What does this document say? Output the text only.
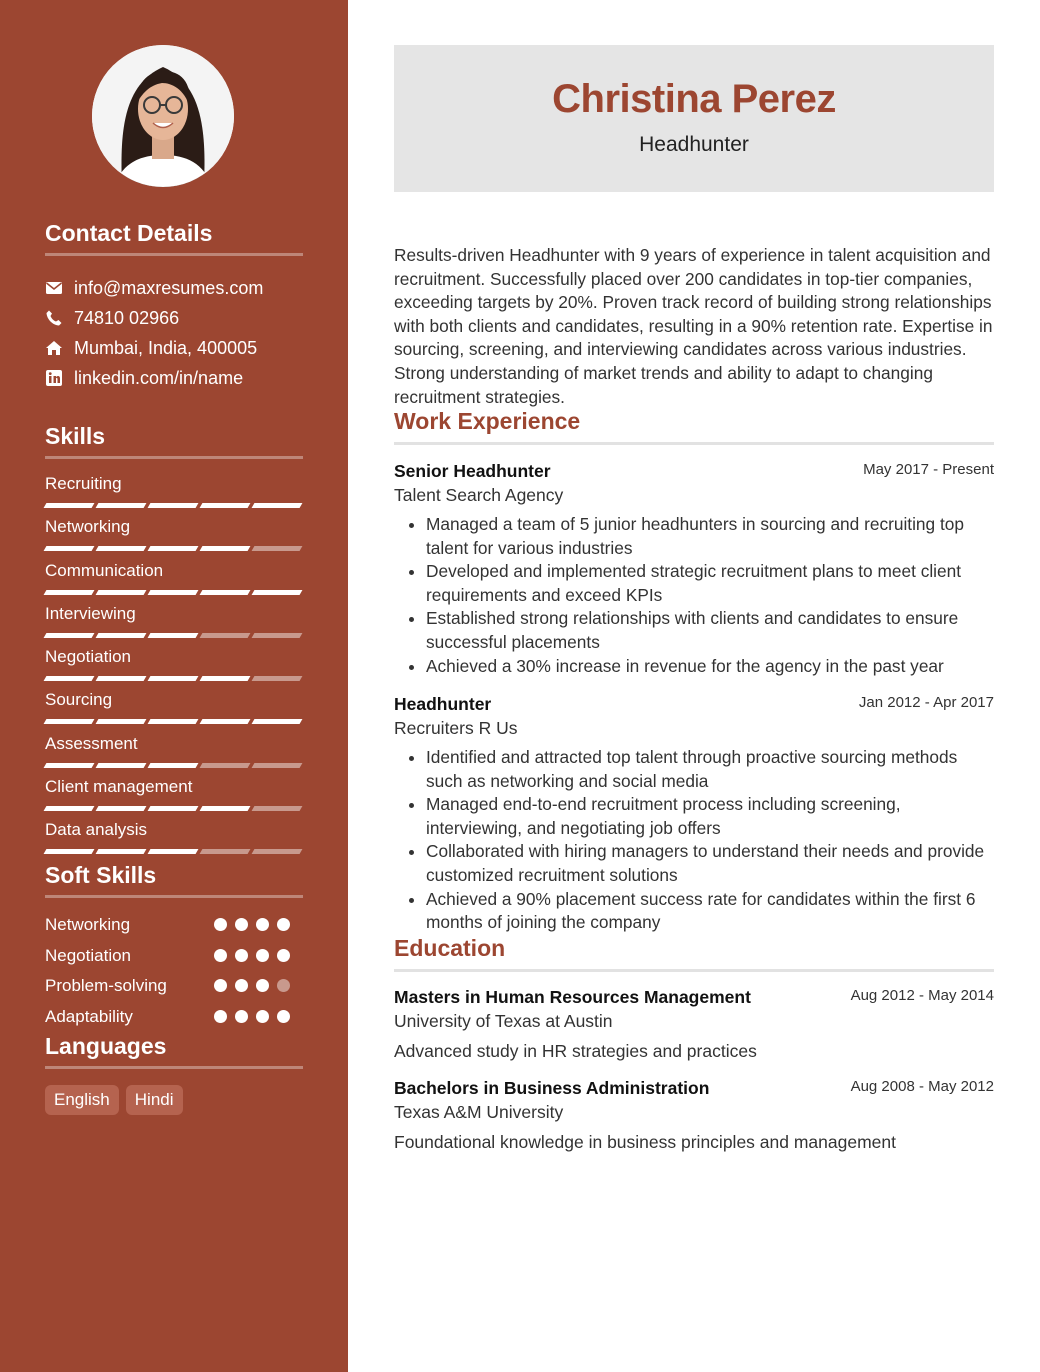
Contact Details
info@maxresumes.com
74810 02966
Mumbai, India, 400005
linkedin.com/in/name
Skills
Recruiting
Networking
Communication
Interviewing
Negotiation
Sourcing
Assessment
Client management
Data analysis
Soft Skills
Networking
Negotiation
Problem-solving
Adaptability
Languages
English	Hindi
Christina Perez
Headhunter
Results-driven Headhunter with 9 years of experience in talent acquisition and recruitment. Successfully placed over 200 candidates in top-tier companies, exceeding targets by 20%. Proven track record of building strong relationships with both clients and candidates, resulting in a 90% retention rate. Expertise in sourcing, screening, and interviewing candidates across various industries. Strong understanding of market trends and ability to adapt to changing recruitment strategies.
Work Experience
Senior Headhunter	May 2017 - Present
Talent Search Agency
• Managed a team of 5 junior headhunters in sourcing and recruiting top talent for various industries
• Developed and implemented strategic recruitment plans to meet client requirements and exceed KPIs
• Established strong relationships with clients and candidates to ensure successful placements
• Achieved a 30% increase in revenue for the agency in the past year
Headhunter	Jan 2012 - Apr 2017
Recruiters R Us
• Identified and attracted top talent through proactive sourcing methods such as networking and social media
• Managed end-to-end recruitment process including screening, interviewing, and negotiating job offers
• Collaborated with hiring managers to understand their needs and provide customized recruitment solutions
• Achieved a 90% placement success rate for candidates within the first 6 months of joining the company
Education
Masters in Human Resources Management	Aug 2012 - May 2014
University of Texas at Austin
Advanced study in HR strategies and practices
Bachelors in Business Administration	Aug 2008 - May 2012
Texas A&M University
Foundational knowledge in business principles and management
